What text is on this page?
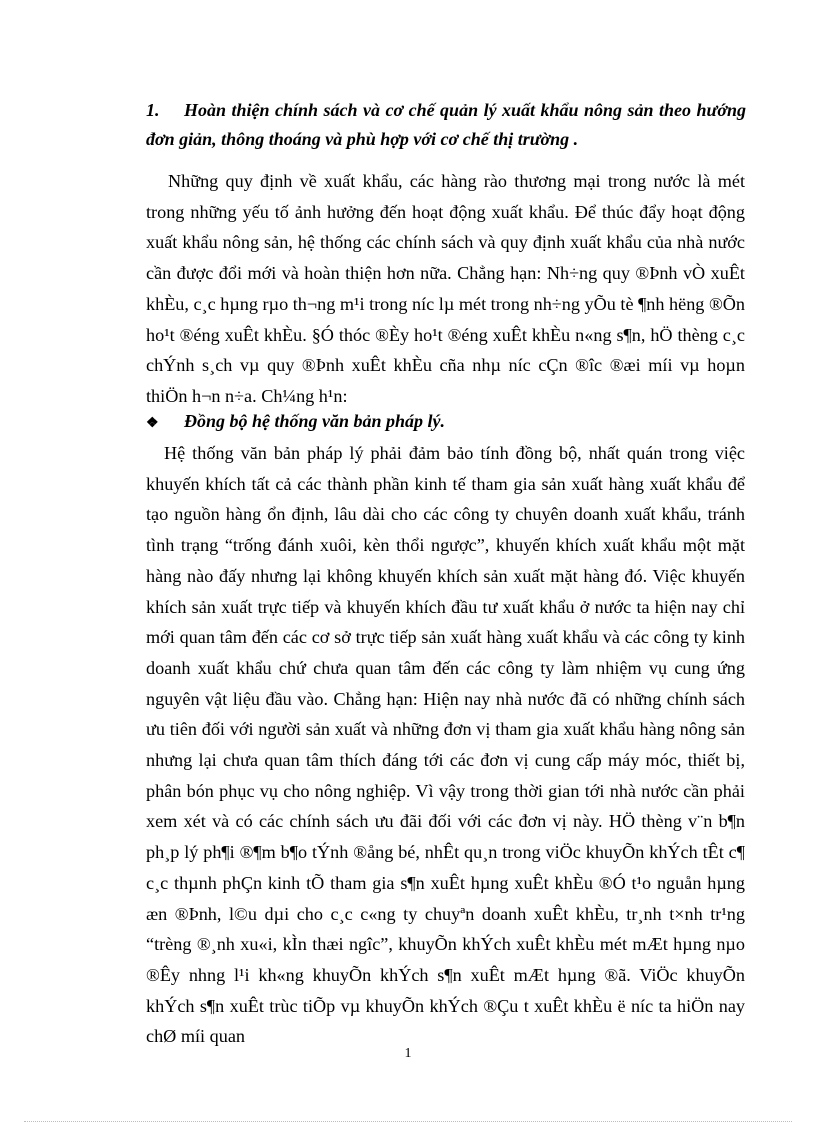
1. Hoàn thiện chính sách và cơ chế quản lý xuất khẩu nông sản theo hướng đơn giản, thông thoáng và phù hợp với cơ chế thị trường .
Những quy định về xuất khẩu, các hàng rào thương mại trong nước là mét trong những yếu tố ảnh hưởng đến hoạt động xuất khẩu. Để thúc đẩy hoạt động xuất khẩu nông sản, hệ thống các chính sách và quy định xuất khẩu của nhà nước cần được đổi mới và hoàn thiện hơn nữa. Chẳng hạn: Nh÷ng quy ®Þnh vÒ xuÊt khÈu, c¸c hµng rµo th¬ng m¹i trong níc lµ mét trong nh÷ng yÕu tè ¶nh hëng ®Õn ho¹t ®éng xuÊt khÈu. §Ó thóc ®Èy ho¹t ®éng xuÊt khÈu n«ng s¶n, hÖ thèng c¸c chÝnh s¸ch vµ quy ®Þnh xuÊt khÈu cña nhµ níc cÇn ®îc ®æi míi vµ hoµn thiÖn h¬n n÷a. Ch¼ng h¹n:
❖ Đồng bộ hệ thống văn bản pháp lý.
Hệ thống văn bản pháp lý phải đảm bảo tính đồng bộ, nhất quán trong việc khuyến khích tất cả các thành phần kinh tế tham gia sản xuất hàng xuất khẩu để tạo nguồn hàng ổn định, lâu dài cho các công ty chuyên doanh xuất khẩu, tránh tình trạng “trống đánh xuôi, kèn thổi ngược”, khuyến khích xuất khẩu một mặt hàng nào đấy nhưng lại không khuyến khích sản xuất mặt hàng đó. Việc khuyến khích sản xuất trực tiếp và khuyến khích đầu tư xuất khẩu ở nước ta hiện nay chỉ mới quan tâm đến các cơ sở trực tiếp sản xuất hàng xuất khẩu và các công ty kinh doanh xuất khẩu chứ chưa quan tâm đến các công ty làm nhiệm vụ cung ứng nguyên vật liệu đầu vào. Chẳng hạn: Hiện nay nhà nước đã có những chính sách ưu tiên đối với người sản xuất và những đơn vị tham gia xuất khẩu hàng nông sản nhưng lại chưa quan tâm thích đáng tới các đơn vị cung cấp máy móc, thiết bị, phân bón phục vụ cho nông nghiệp. Vì vậy trong thời gian tới nhà nước cần phải xem xét và có các chính sách ưu đãi đối với các đơn vị này. HÖ thèng v¨n b¶n ph¸p lý ph¶i ®¶m b¶o tÝnh ®ång bé, nhÊt qu¸n trong viÖc khuyÕn khÝch tÊt c¶ c¸c thµnh phÇn kinh tÕ tham gia s¶n xuÊt hµng xuÊt khÈu ®Ó t¹o nguån hµng æn ®Þnh, l©u dµi cho c¸c c«ng ty chuyªn doanh xuÊt khÈu, tr¸nh t×nh tr¹ng “trèng ®¸nh xu«i, kÌn thæi ngîc”, khuyÕn khÝch xuÊt khÈu mét mÆt hµng nµo ®Êy nhng l¹i kh«ng khuyÕn khÝch s¶n xuÊt mÆt hµng ®ã. ViÖc khuyÕn khÝch s¶n xuÊt trùc tiÕp vµ khuyÕn khÝch ®Çu t xuÊt khÈu ë níc ta hiÖn nay chØ míi quan
1
